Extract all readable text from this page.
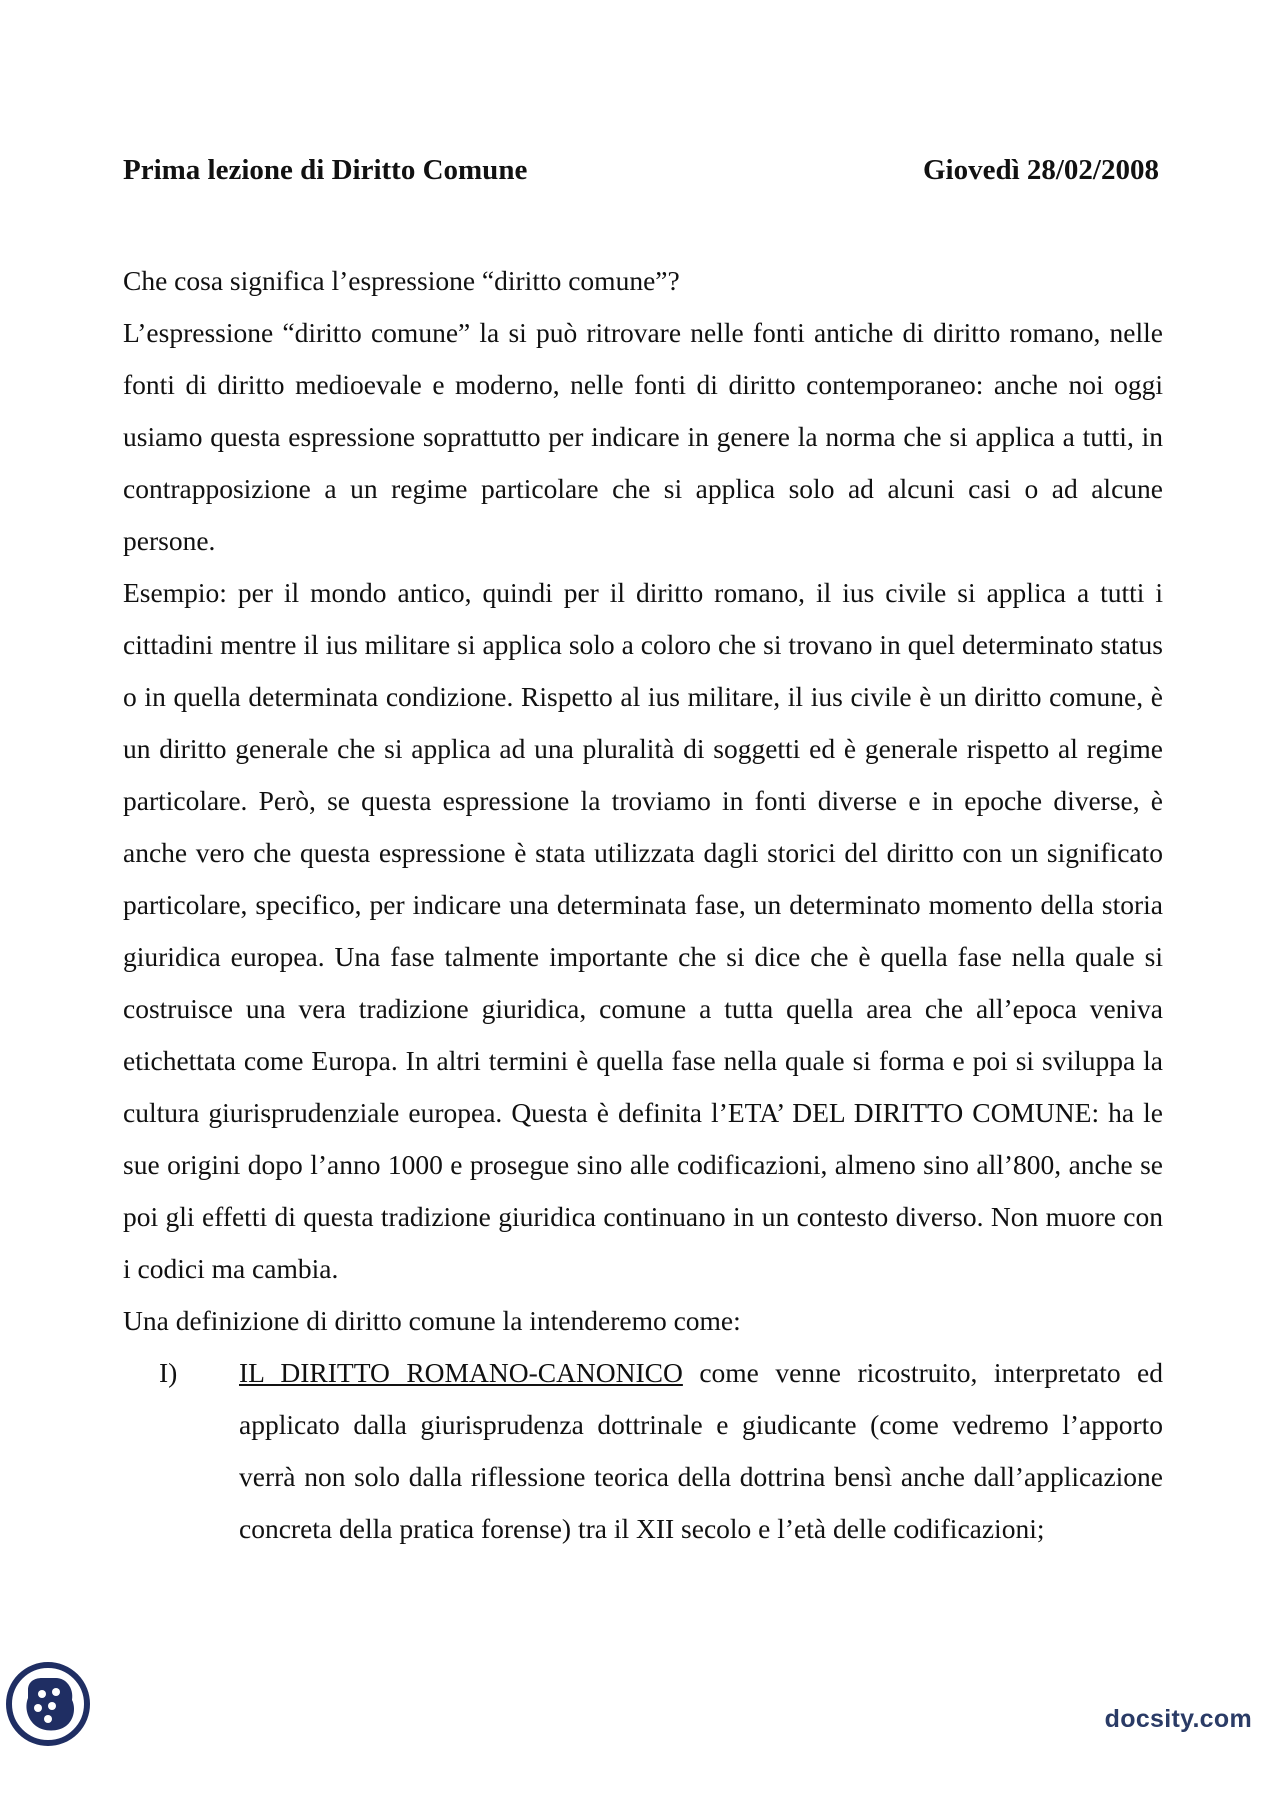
Prima lezione di Diritto Comune	Giovedì 28/02/2008

Che cosa significa l’espressione “diritto comune”?

L’espressione “diritto comune” la si può ritrovare nelle fonti antiche di diritto romano, nelle fonti di diritto medioevale e moderno, nelle fonti di diritto contemporaneo: anche noi oggi usiamo questa espressione soprattutto per indicare in genere la norma che si applica a tutti, in contrapposizione a un regime particolare che si applica solo ad alcuni casi o ad alcune persone.

Esempio: per il mondo antico, quindi per il diritto romano, il ius civile si applica a tutti i cittadini mentre il ius militare si applica solo a coloro che si trovano in quel determinato status o in quella determinata condizione. Rispetto al ius militare, il ius civile è un diritto comune, è un diritto generale che si applica ad una pluralità di soggetti ed è generale rispetto al regime particolare. Però, se questa espressione la troviamo in fonti diverse e in epoche diverse, è anche vero che questa espressione è stata utilizzata dagli storici del diritto con un significato particolare, specifico, per indicare una determinata fase, un determinato momento della storia giuridica europea. Una fase talmente importante che si dice che è quella fase nella quale si costruisce una vera tradizione giuridica, comune a tutta quella area che all’epoca veniva etichettata come Europa. In altri termini è quella fase nella quale si forma e poi si sviluppa la cultura giurisprudenziale europea. Questa è definita l’ETA’ DEL DIRITTO COMUNE: ha le sue origini dopo l’anno 1000 e prosegue sino alle codificazioni, almeno sino all’800, anche se poi gli effetti di questa tradizione giuridica continuano in un contesto diverso. Non muore con i codici ma cambia.

Una definizione di diritto comune la intenderemo come:

I)	IL DIRITTO ROMANO-CANONICO come venne ricostruito, interpretato ed applicato dalla giurisprudenza dottrinale e giudicante (come vedremo l’apporto verrà non solo dalla riflessione teorica della dottrina bensì anche dall’applicazione concreta della pratica forense) tra il XII secolo e l’età delle codificazioni;
docsity.com
